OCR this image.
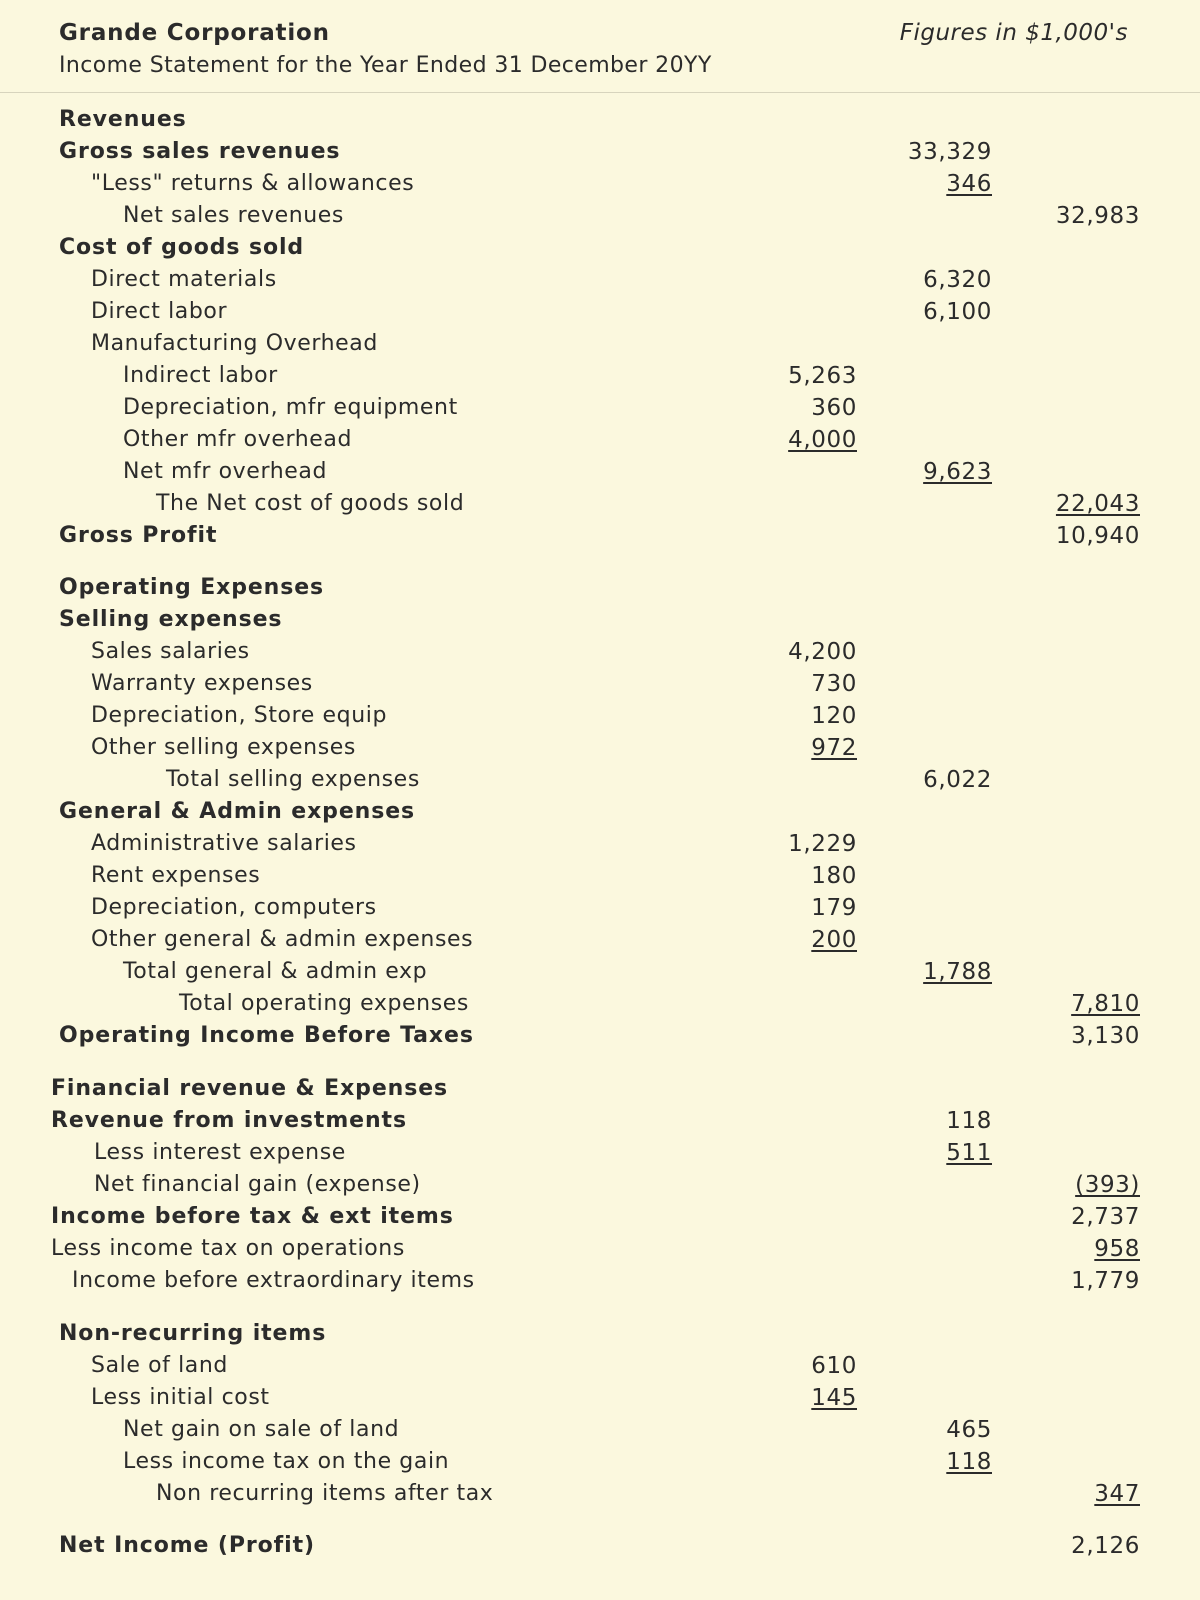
Grande Corporation	Figures in $1,000's
Income Statement for the Year Ended 31 December 20YY
Revenues
Gross sales revenues	33,329
"Less" returns & allowances	346
Net sales revenues	32,983
Cost of goods sold
Direct materials	6,320
Direct labor	6,100
Manufacturing Overhead
Indirect labor	5,263
Depreciation, mfr equipment	360
Other mfr overhead	4,000
Net mfr overhead	9,623
The Net cost of goods sold	22,043
Gross Profit	10,940
Operating Expenses
Selling expenses
Sales salaries	4,200
Warranty expenses	730
Depreciation, Store equip	120
Other selling expenses	972
Total selling expenses	6,022
General & Admin expenses
Administrative salaries	1,229
Rent expenses	180
Depreciation, computers	179
Other general & admin expenses	200
Total general & admin exp	1,788
Total operating expenses	7,810
Operating Income Before Taxes	3,130
Financial revenue & Expenses
Revenue from investments	118
Less interest expense	511
Net financial gain (expense)	(393)
Income before tax & ext items	2,737
Less income tax on operations	958
Income before extraordinary items	1,779
Non-recurring items
Sale of land	610
Less initial cost	145
Net gain on sale of land	465
Less income tax on the gain	118
Non recurring items after tax	347
Net Income (Profit)	2,126
